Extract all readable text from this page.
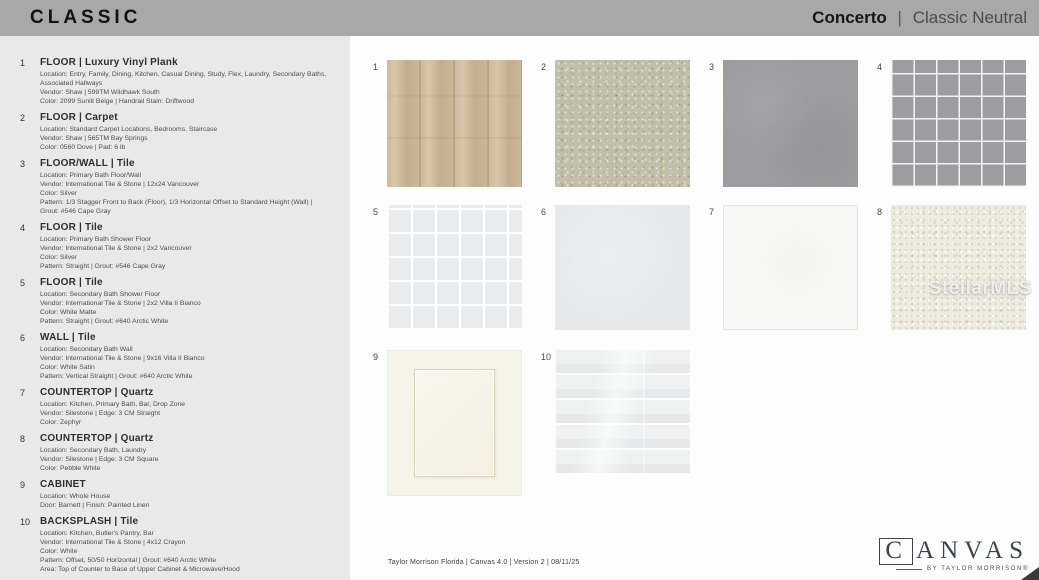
CLASSIC	Concerto | Classic Neutral
1	FLOOR | Luxury Vinyl Plank
Location: Entry, Family, Dining, Kitchen, Casual Dining, Study, Flex, Laundry, Secondary Baths, Associated Hallways
Vendor: Shaw | 599TM Wildhawk South
Color: 2099 Sunlit Beige | Handrail Stain: Driftwood
2	FLOOR | Carpet
Location: Standard Carpet Locations, Bedrooms, Staircase
Vendor: Shaw | 565TM Bay Springs
Color: 0560 Dove | Pad: 6 lb
3	FLOOR/WALL | Tile
Location: Primary Bath Floor/Wall
Vendor: International Tile & Stone | 12x24 Vancouver
Color: Silver
Pattern: 1/3 Stagger Front to Back (Floor), 1/3 Horizontal Offset to Standard Height (Wall) | Grout: #546 Cape Gray
4	FLOOR | Tile
Location: Primary Bath Shower Floor
Vendor: International Tile & Stone | 2x2 Vancouver
Color: Silver
Pattern: Straight | Grout: #546 Cape Gray
5	FLOOR | Tile
Location: Secondary Bath Shower Floor
Vendor: International Tile & Stone | 2x2 Villa II Bianco
Color: White Matte
Pattern: Straight | Grout: #640 Arctic White
6	WALL | Tile
Location: Secondary Bath Wall
Vendor: International Tile & Stone | 9x16 Villa II Bianco
Color: White Satin
Pattern: Vertical Straight | Grout: #640 Arctic White
7	COUNTERTOP | Quartz
Location: Kitchen, Primary Bath, Bar, Drop Zone
Vendor: Silestone | Edge: 3 CM Straight
Color: Zephyr
8	COUNTERTOP | Quartz
Location: Secondary Bath, Laundry
Vendor: Silestone | Edge: 3 CM Square
Color: Pebble White
9	CABINET
Location: Whole House
Door: Barnett | Finish: Painted Linen
10 BACKSPLASH | Tile
Location: Kitchen, Butler's Pantry, Bar
Vendor: International Tile & Stone | 4x12 Crayon
Color: White
Pattern: Offset, 50/50 Horizontal | Grout: #640 Arctic White
Area: Top of Counter to Base of Upper Cabinet & Microwave/Hood
1	2	3	4
5	6	7	8
StellarMLS
9	10
Taylor Morrison Florida | Canvas 4.0 | Version 2 | 08/11/25	C ANVAS
BY TAYLOR MORRISON®
